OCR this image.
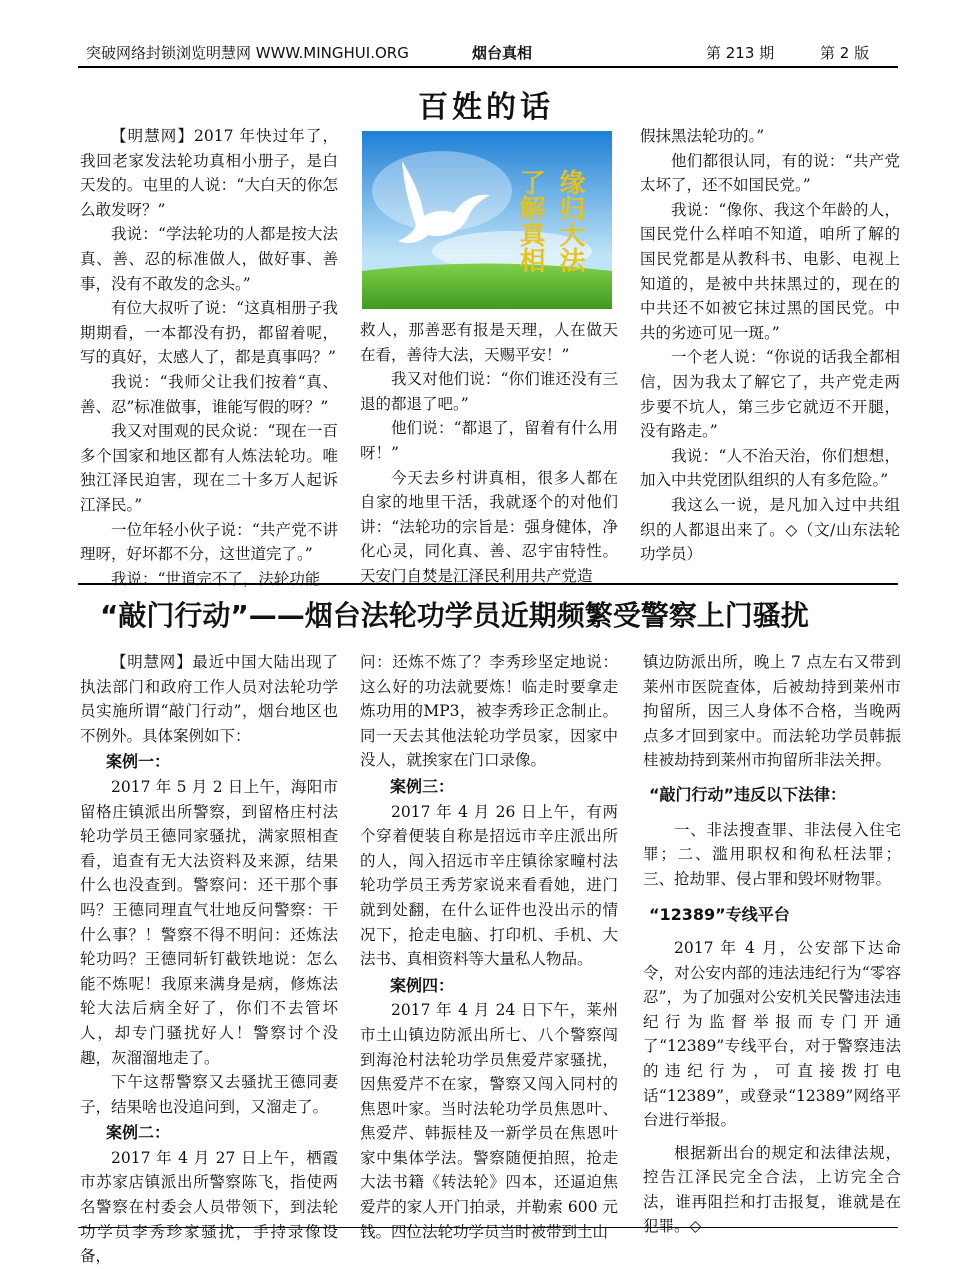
突破网络封锁浏览明慧网 WWW.MINGHUI.ORG	烟台真相	第 213 期	第 2 版
百姓的话

【明慧网】2017 年快过年了，我回老家发法轮功真相小册子，是白天发的。屯里的人说：“大白天的你怎么敢发呀？”

我说：“学法轮功的人都是按大法真、善、忍的标准做人，做好事、善事，没有不敢发的念头。”

有位大叔听了说：“这真相册子我期期看，一本都没有扔，都留着呢，写的真好，太感人了，都是真事吗？”

我说：“我师父让我们按着“真、善、忍”标准做事，谁能写假的呀？”

我又对围观的民众说：“现在一百多个国家和地区都有人炼法轮功。唯独江泽民迫害，现在二十多万人起诉江泽民。”

一位年轻小伙子说：“共产党不讲理呀，好坏都不分，这世道完了。”

我说：“世道完不了，法轮功能

了解真相 缘归大法

救人，那善恶有报是天理，人在做天在看，善待大法，天赐平安！”

我又对他们说：“你们谁还没有三退的都退了吧。”

他们说：“都退了，留着有什么用呀！”

今天去乡村讲真相，很多人都在自家的地里干活，我就逐个的对他们讲：“法轮功的宗旨是：强身健体，净化心灵，同化真、善、忍宇宙特性。天安门自焚是江泽民利用共产党造

假抹黑法轮功的。”

他们都很认同，有的说：“共产党太坏了，还不如国民党。”

我说：“像你、我这个年龄的人，国民党什么样咱不知道，咱所了解的国民党都是从教科书、电影、电视上知道的，是被中共抹黑过的，现在的中共还不如被它抹过黑的国民党。中共的劣迹可见一斑。”

一个老人说：“你说的话我全都相信，因为我太了解它了，共产党走两步要不坑人，第三步它就迈不开腿，没有路走。”

我说：“人不治天治，你们想想，加入中共党团队组织的人有多危险。”

我这么一说，是凡加入过中共组织的人都退出来了。◇（文/山东法轮功学员）

“敲门行动”——烟台法轮功学员近期频繁受警察上门骚扰

【明慧网】最近中国大陆出现了执法部门和政府工作人员对法轮功学员实施所谓“敲门行动”，烟台地区也不例外。具体案例如下：

案例一：

2017 年 5 月 2 日上午，海阳市留格庄镇派出所警察，到留格庄村法轮功学员王德同家骚扰，满家照相查看，追查有无大法资料及来源，结果什么也没查到。警察问：还干那个事吗？王德同理直气壮地反问警察：干什么事？！警察不得不明问：还炼法轮功吗？王德同斩钉截铁地说：怎么能不炼呢！我原来满身是病，修炼法轮大法后病全好了，你们不去管坏人，却专门骚扰好人！警察讨个没趣，灰溜溜地走了。

下午这帮警察又去骚扰王德同妻子，结果啥也没追问到，又溜走了。

案例二：

2017 年 4 月 27 日上午，栖霞市苏家店镇派出所警察陈飞，指使两名警察在村委会人员带领下，到法轮功学员李秀珍家骚扰，手持录像设备，

问：还炼不炼了？李秀珍坚定地说：这么好的功法就要炼！临走时要拿走炼功用的MP3，被李秀珍正念制止。同一天去其他法轮功学员家，因家中没人，就挨家在门口录像。

案例三：

2017 年 4 月 26 日上午，有两个穿着便装自称是招远市辛庄派出所的人，闯入招远市辛庄镇徐家疃村法轮功学员王秀芳家说来看看她，进门就到处翻，在什么证件也没出示的情况下，抢走电脑、打印机、手机、大法书、真相资料等大量私人物品。

案例四：

2017 年 4 月 24 日下午，莱州市土山镇边防派出所七、八个警察闯到海沧村法轮功学员焦爱芹家骚扰，因焦爱芹不在家，警察又闯入同村的焦恩叶家。当时法轮功学员焦恩叶、焦爱芹、韩振桂及一新学员在焦恩叶家中集体学法。警察随便拍照，抢走大法书籍《转法轮》四本，还逼迫焦爱芹的家人开门拍录，并勒索 600 元钱。四位法轮功学员当时被带到土山

镇边防派出所，晚上 7 点左右又带到莱州市医院查体，后被劫持到莱州市拘留所，因三人身体不合格，当晚两点多才回到家中。而法轮功学员韩振桂被劫持到莱州市拘留所非法关押。

“敲门行动”违反以下法律：

一、非法搜查罪、非法侵入住宅罪；二、滥用职权和徇私枉法罪；三、抢劫罪、侵占罪和毁坏财物罪。

“12389”专线平台

2017 年 4 月，公安部下达命令，对公安内部的违法违纪行为“零容忍”，为了加强对公安机关民警违法违纪行为监督举报而专门开通了“12389”专线平台，对于警察违法的违纪行为，可直接拨打电话“12389”，或登录“12389”网络平台进行举报。

根据新出台的规定和法律法规，控告江泽民完全合法，上访完全合法，谁再阻拦和打击报复，谁就是在犯罪。◇
